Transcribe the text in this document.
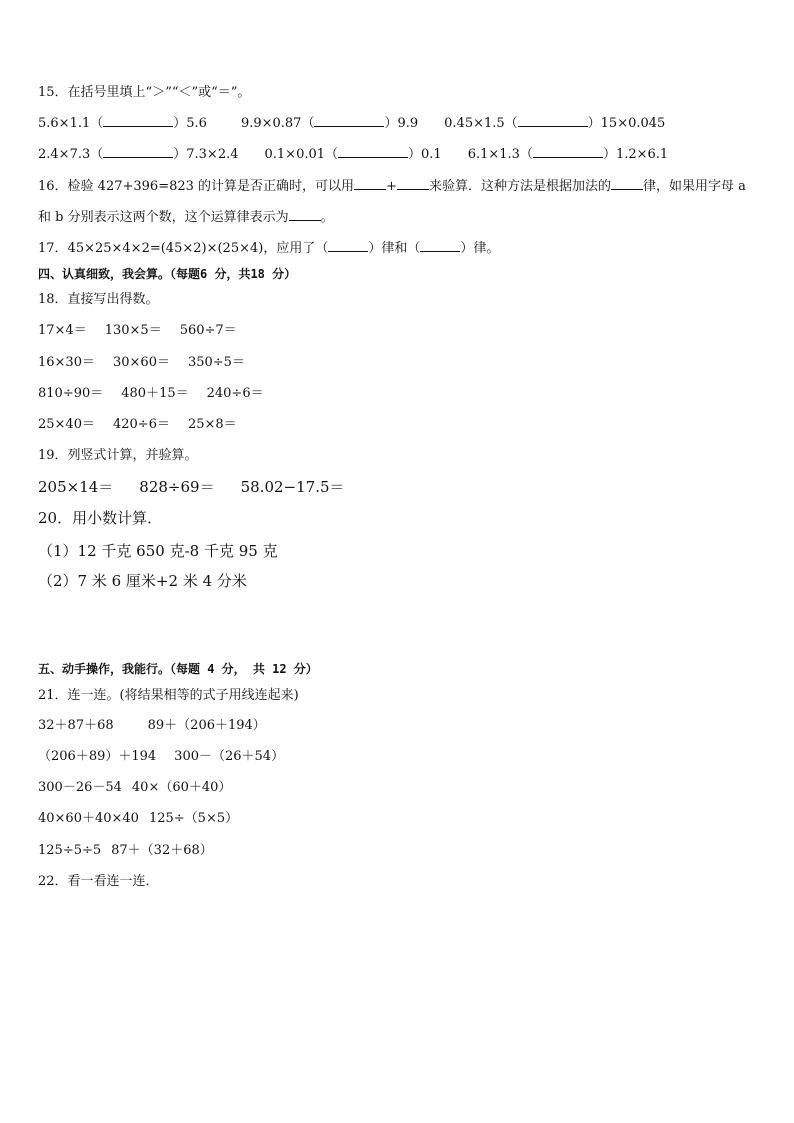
15．在括号里填上“＞”“＜”或“＝”。
5.6×1.1（	）5.6	9.9×0.87（	）9.9 0.45×1.5（	）15×0.045
2.4×7.3（	）7.3×2.4 0.1×0.01（	）0.1 6.1×1.3（	）1.2×6.1
16．检验 427+396=823 的计算是否正确时，可以用 + 来验算．这种方法是根据加法的 律，如果用字母 a
和 b 分别表示这两个数，这个运算律表示为 。
17．45×25×4×2=(45×2)×(25×4)，应用了（	）律和（	）律。
四、认真细致，我会算。（每题6 分，共18 分）
18．直接写出得数。
17×4＝ 130×5＝ 560÷7＝
16×30＝ 30×60＝ 350÷5＝
810÷90＝ 480＋15＝ 240÷6＝
25×40＝ 420÷6＝ 25×8＝
19．列竖式计算，并验算。
205×14＝ 828÷69＝ 58.02−17.5＝
20．用小数计算．
（1）12 千克 650 克-8 千克 95 克
（2）7 米 6 厘米+2 米 4 分米
五、动手操作，我能行。（每题 4 分， 共 12 分）
21．连一连。(将结果相等的式子用线连起来)
32＋87＋68	89＋（206＋194）
（206＋89）＋194 300－（26＋54）
300－26－54 40×（60＋40）
40×60＋40×40 125÷（5×5）
125÷5÷5 87＋（32＋68）
22．看一看连一连．
